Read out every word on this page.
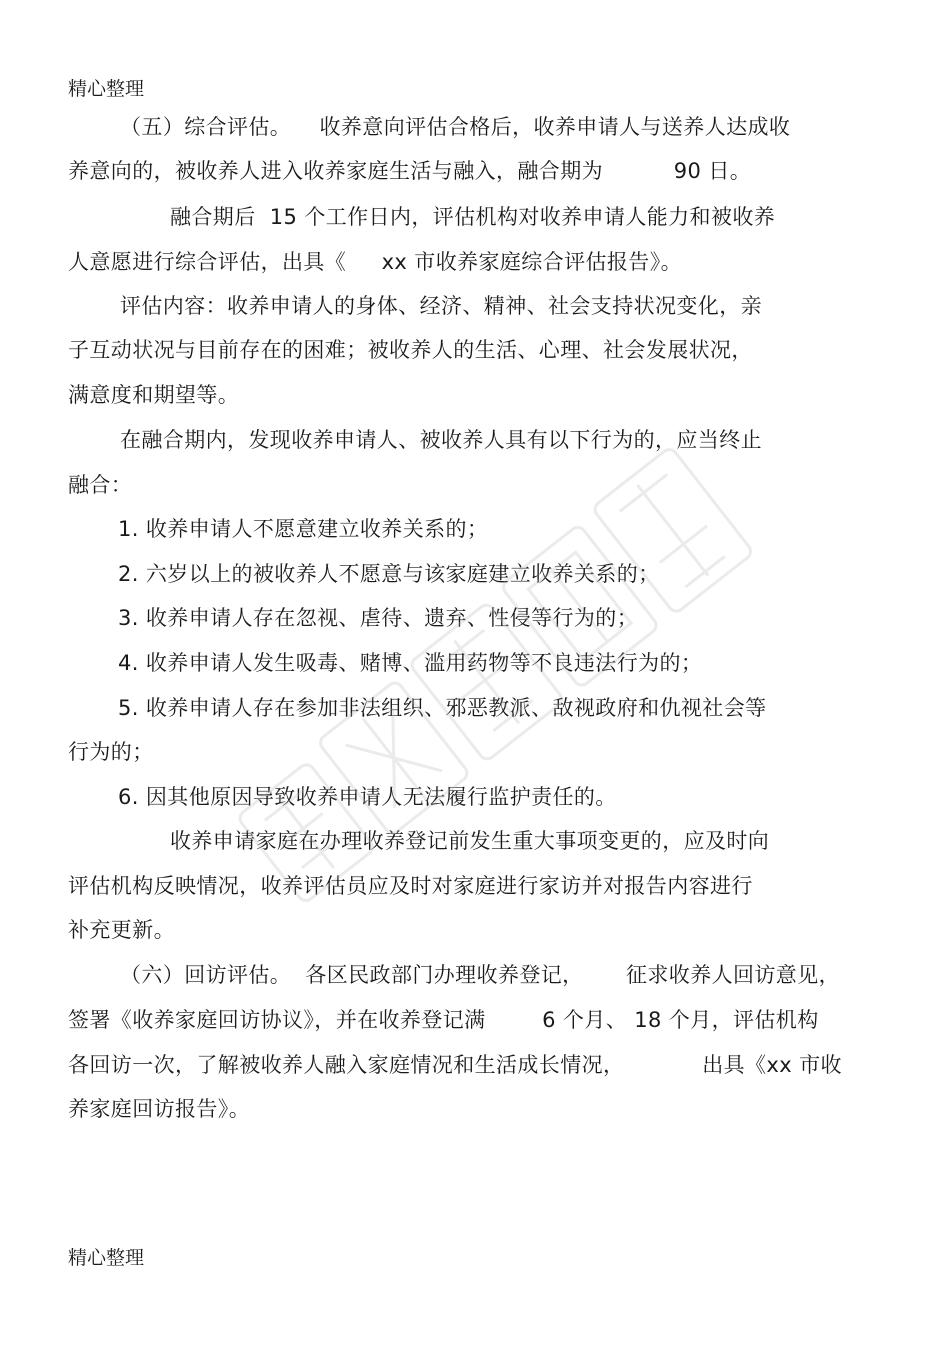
精心整理
（五）综合评估。    收养意向评估合格后，收养申请人与送养人达成收
养意向的，被收养人进入收养家庭生活与融入，融合期为          90 日。
融合期后  15 个工作日内，评估机构对收养申请人能力和被收养
人意愿进行综合评估，出具《     xx 市收养家庭综合评估报告》。
评估内容：收养申请人的身体、经济、精神、社会支持状况变化，亲
子互动状况与目前存在的困难；被收养人的生活、心理、社会发展状况，
满意度和期望等。
在融合期内，发现收养申请人、被收养人具有以下行为的，应当终止
融合：
1. 收养申请人不愿意建立收养关系的；
2. 六岁以上的被收养人不愿意与该家庭建立收养关系的；
3. 收养申请人存在忽视、虐待、遗弃、性侵等行为的；
4. 收养申请人发生吸毒、赌博、滥用药物等不良违法行为的；
5. 收养申请人存在参加非法组织、邪恶教派、敌视政府和仇视社会等
行为的；
6. 因其他原因导致收养申请人无法履行监护责任的。
收养申请家庭在办理收养登记前发生重大事项变更的，应及时向
评估机构反映情况，收养评估员应及时对家庭进行家访并对报告内容进行
补充更新。
（六）回访评估。  各区民政部门办理收养登记，      征求收养人回访意见，
签署《收养家庭回访协议》，并在收养登记满        6 个月、 18 个月，评估机构
各回访一次，了解被收养人融入家庭情况和生活成长情况，           出具《xx 市收
养家庭回访报告》。
精心整理
